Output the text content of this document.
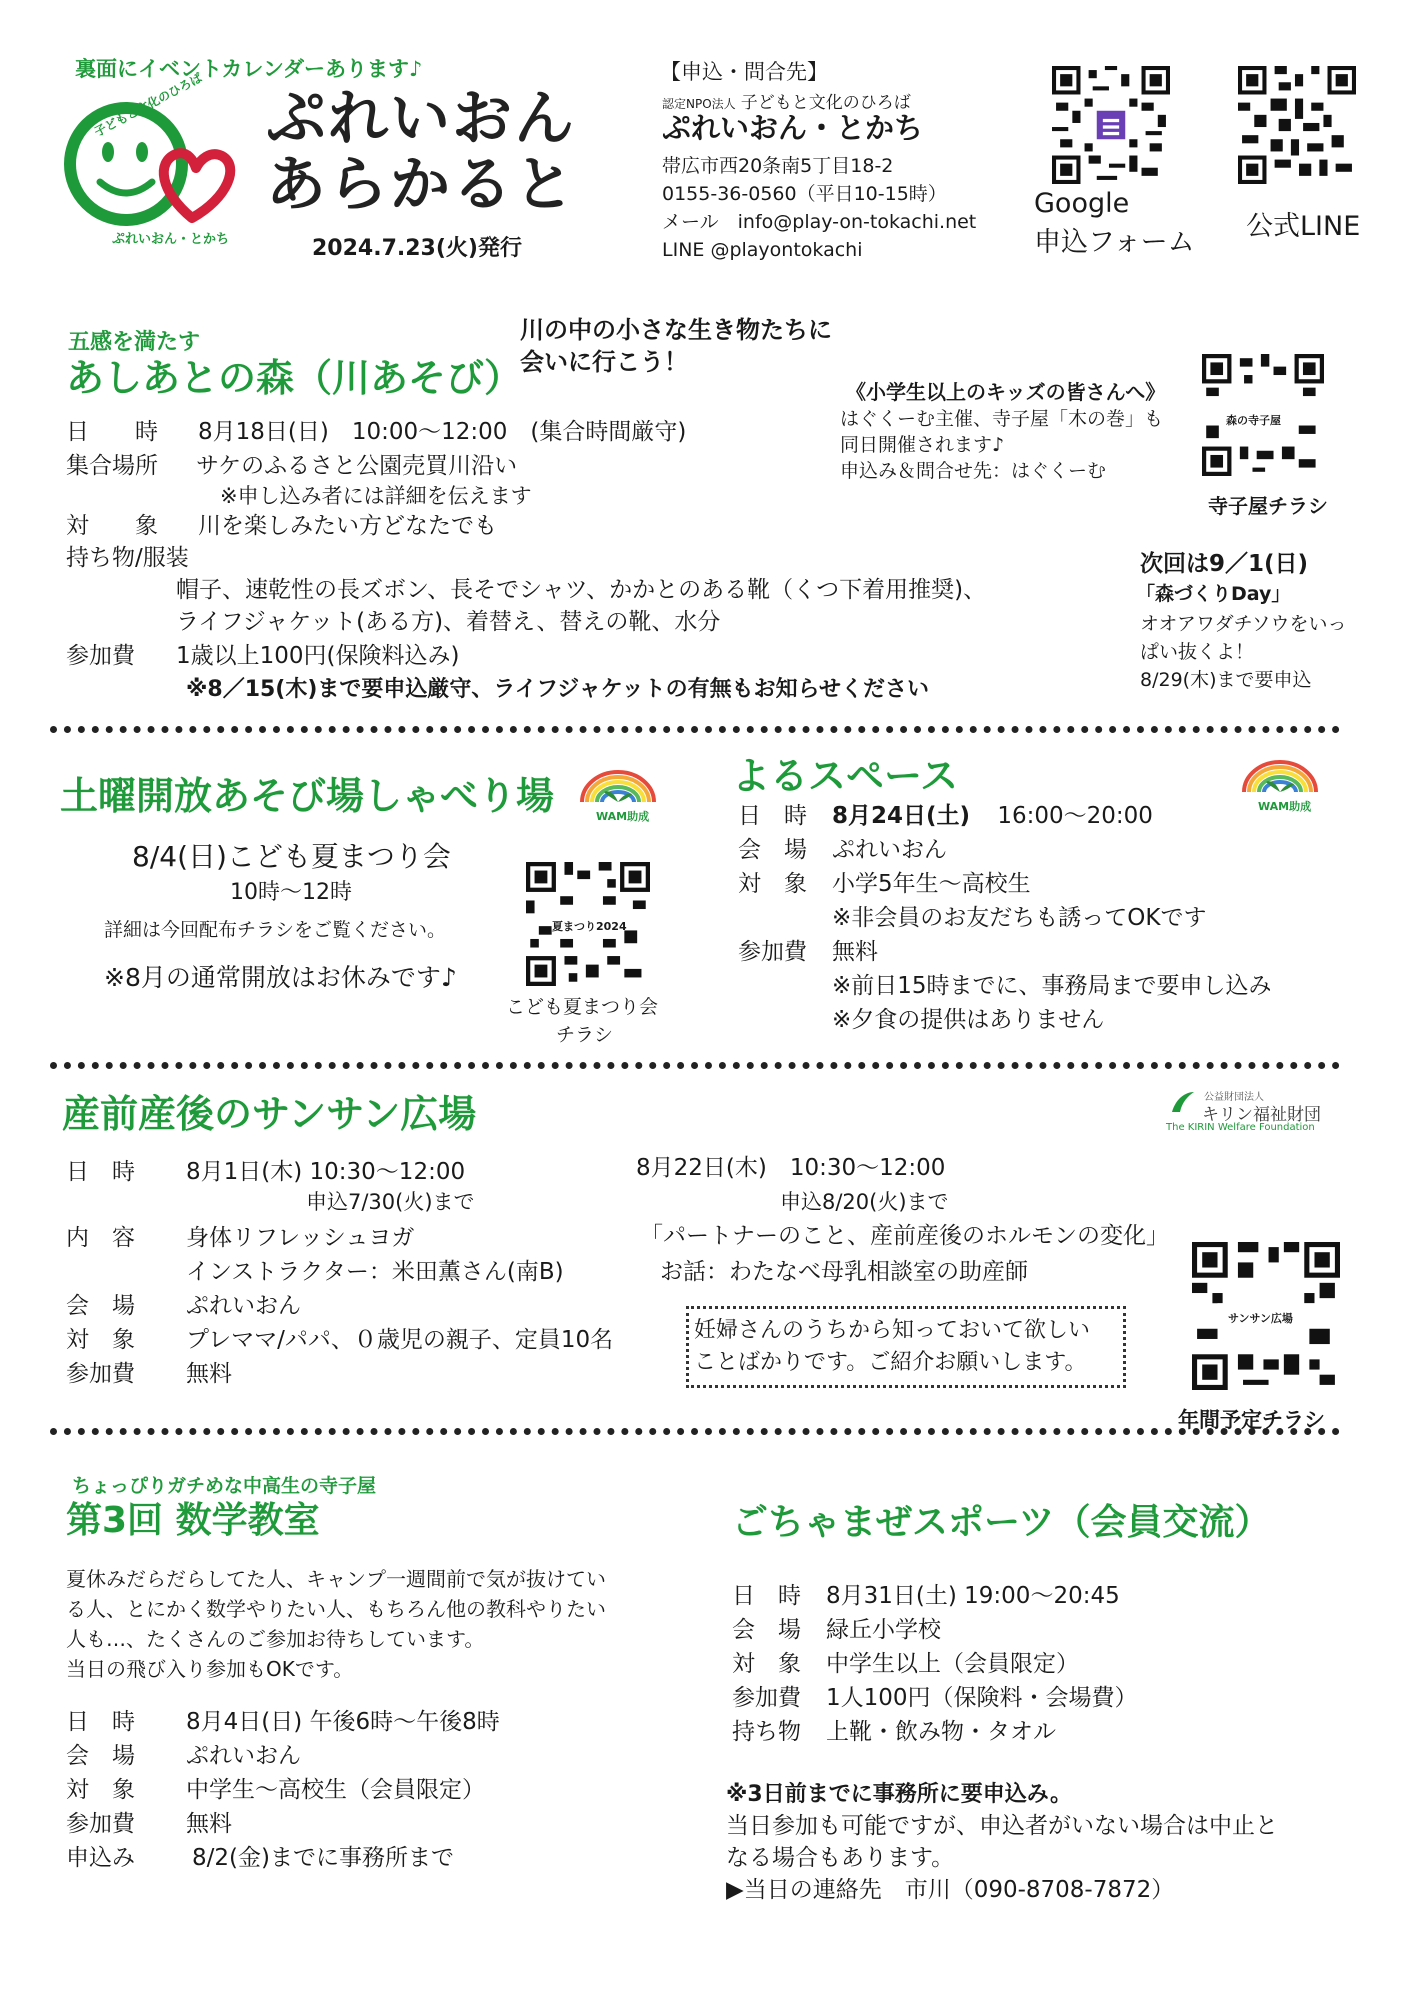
裏面にイベントカレンダーあります♪
子どもと文化のひろば
ぷれいおん・とかち
ぷれいおん
あらかると
2024.7.23(火)発行
【申込・問合先】
認定NPO法人 子どもと文化のひろば
ぷれいおん・とかち
帯広市西20条南5丁目18-2
0155-36-0560（平日10-15時）
メール　info@play-on-tokachi.net
LINE @playontokachi
Google
申込フォーム
公式LINE
五感を満たす
あしあとの森（川あそび）
川の中の小さな生き物たちに
会いに行こう！
日　　時 8月18日(日)　10:00～12:00　(集合時間厳守)
集合場所 サケのふるさと公園売買川沿い
※申し込み者には詳細を伝えます
対　　象 川を楽しみたい方どなたでも
持ち物/服装
帽子、速乾性の長ズボン、長そでシャツ、かかとのある靴（くつ下着用推奨)、
ライフジャケット(ある方)、着替え、替えの靴、水分
参加費 1歳以上100円(保険料込み)
※8／15(木)まで要申込厳守、ライフジャケットの有無もお知らせください
《小学生以上のキッズの皆さんへ》
はぐくーむ主催、寺子屋「木の巻」も
同日開催されます♪
申込み＆問合せ先：はぐくーむ
森の寺子屋
寺子屋チラシ
次回は9／1(日)
「森づくりDay」
オオアワダチソウをいっ
ぱい抜くよ！
8/29(木)まで要申込
土曜開放あそび場しゃべり場	WAM助成
8/4(日)こども夏まつり会
10時～12時
詳細は今回配布チラシをご覧ください。
※8月の通常開放はお休みです♪
夏まつり2024
こども夏まつり会
チラシ
よるスペース
WAM助成
日　時 8月24日(土) 16:00～20:00
会　場 ぷれいおん
対　象 小学5年生～高校生
※非会員のお友だちも誘ってOKです
参加費 無料
※前日15時までに、事務局まで要申し込み
※夕食の提供はありません
産前産後のサンサン広場	公益財団法人
キリン福祉財団
The KIRIN Welfare Foundation
日　時 8月1日(木) 10:30～12:00
申込7/30(火)まで
内　容 身体リフレッシュヨガ
インストラクター：米田薫さん(南B)
会　場 ぷれいおん
対　象 プレママ/パパ、０歳児の親子、定員10名
参加費 無料
8月22日(木)　10:30～12:00
申込8/20(火)まで
「パートナーのこと、産前産後のホルモンの変化」
お話：わたなべ母乳相談室の助産師
妊婦さんのうちから知っておいて欲しい
ことばかりです。ご紹介お願いします。
サンサン広場
年間予定チラシ
ちょっぴりガチめな中高生の寺子屋
第3回 数学教室
夏休みだらだらしてた人、キャンプ一週間前で気が抜けてい
る人、とにかく数学やりたい人、もちろん他の教科やりたい
人も…、たくさんのご参加お待ちしています。
当日の飛び入り参加もOKです。
日　時 8月4日(日) 午後6時～午後8時
会　場 ぷれいおん
対　象 中学生～高校生（会員限定）
参加費 無料
申込み 8/2(金)までに事務所まで
ごちゃまぜスポーツ（会員交流）
日　時 8月31日(土) 19:00～20:45
会　場 緑丘小学校
対　象 中学生以上（会員限定）
参加費 1人100円（保険料・会場費）
持ち物 上靴・飲み物・タオル
※3日前までに事務所に要申込み。
当日参加も可能ですが、申込者がいない場合は中止と
なる場合もあります。
▶当日の連絡先　市川（090-8708-7872）
